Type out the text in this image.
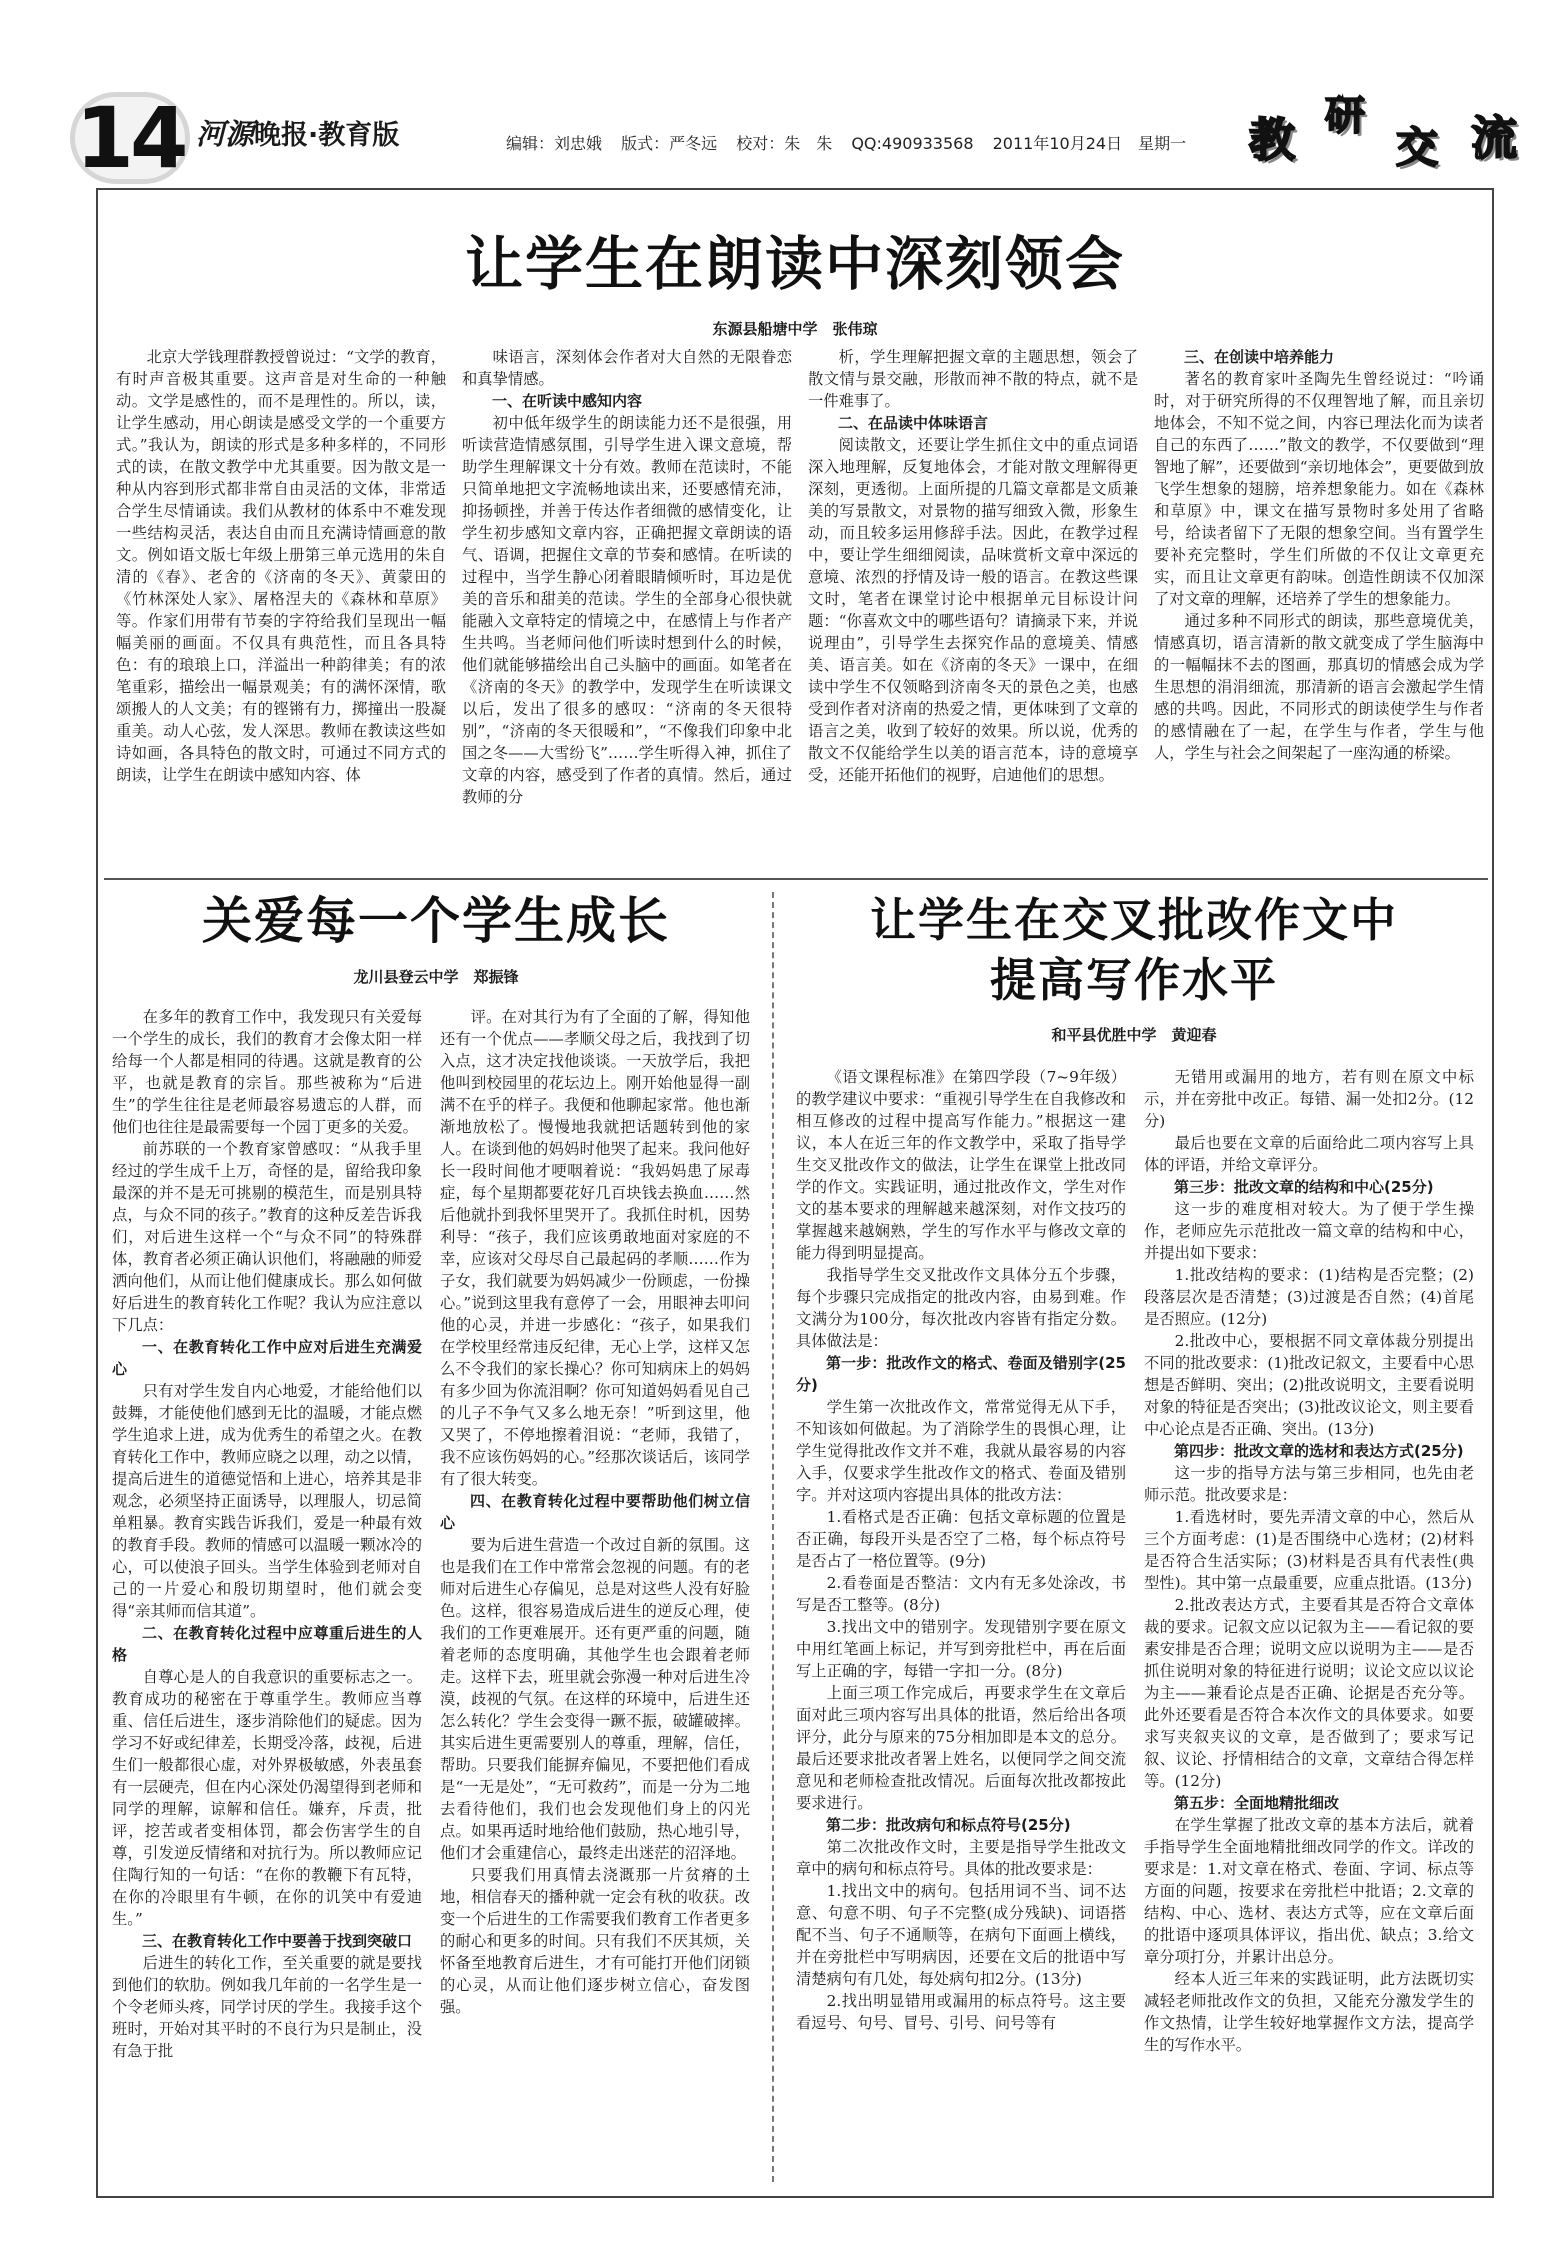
14 河源晚报·教育版	编辑：刘忠娥 版式：严冬远 校对：朱　朱 QQ:490933568 2011年10月24日　星期一	教 研
交 流
让学生在朗读中深刻领会
东源县船塘中学　张伟琼

北京大学钱理群教授曾说过：“文学的教育，有时声音极其重要。这声音是对生命的一种触动。文学是感性的，而不是理性的。所以，读，让学生感动，用心朗读是感受文学的一个重要方式。”我认为，朗读的形式是多种多样的，不同形式的读，在散文教学中尤其重要。因为散文是一种从内容到形式都非常自由灵活的文体，非常适合学生尽情诵读。我们从教材的体系中不难发现一些结构灵活，表达自由而且充满诗情画意的散文。例如语文版七年级上册第三单元选用的朱自清的《春》、老舍的《济南的冬天》、黄蒙田的《竹林深处人家》、屠格涅夫的《森林和草原》等。作家们用带有节奏的字符给我们呈现出一幅幅美丽的画面。不仅具有典范性，而且各具特色：有的琅琅上口，洋溢出一种韵律美；有的浓笔重彩，描绘出一幅景观美；有的满怀深情，歌颂搬人的人文美；有的铿锵有力，掷撞出一股凝重美。动人心弦，发人深思。教师在教读这些如诗如画，各具特色的散文时，可通过不同方式的朗读，让学生在朗读中感知内容、体

味语言，深刻体会作者对大自然的无限眷恋和真挚情感。

一、在听读中感知内容

初中低年级学生的朗读能力还不是很强，用听读营造情感氛围，引导学生进入课文意境，帮助学生理解课文十分有效。教师在范读时，不能只简单地把文字流畅地读出来，还要感情充沛，抑扬顿挫，并善于传达作者细微的感情变化，让学生初步感知文章内容，正确把握文章朗读的语气、语调，把握住文章的节奏和感情。在听读的过程中，当学生静心闭着眼睛倾听时，耳边是优美的音乐和甜美的范读。学生的全部身心很快就能融入文章特定的情境之中，在感情上与作者产生共鸣。当老师问他们听读时想到什么的时候，他们就能够描绘出自己头脑中的画面。如笔者在《济南的冬天》的教学中，发现学生在听读课文以后，发出了很多的感叹：“济南的冬天很特别”，“济南的冬天很暖和”，“不像我们印象中北国之冬——大雪纷飞”……学生听得入神，抓住了文章的内容，感受到了作者的真情。然后，通过教师的分

析，学生理解把握文章的主题思想，领会了散文情与景交融，形散而神不散的特点，就不是一件难事了。

二、在品读中体味语言

阅读散文，还要让学生抓住文中的重点词语深入地理解，反复地体会，才能对散文理解得更深刻，更透彻。上面所提的几篇文章都是文质兼美的写景散文，对景物的描写细致入微，形象生动，而且较多运用修辞手法。因此，在教学过程中，要让学生细细阅读，品味赏析文章中深远的意境、浓烈的抒情及诗一般的语言。在教这些课文时，笔者在课堂讨论中根据单元目标设计问题：“你喜欢文中的哪些语句？请摘录下来，并说说理由”，引导学生去探究作品的意境美、情感美、语言美。如在《济南的冬天》一课中，在细读中学生不仅领略到济南冬天的景色之美，也感受到作者对济南的热爱之情，更体味到了文章的语言之美，收到了较好的效果。所以说，优秀的散文不仅能给学生以美的语言范本，诗的意境享受，还能开拓他们的视野，启迪他们的思想。

三、在创读中培养能力

著名的教育家叶圣陶先生曾经说过：“吟诵时，对于研究所得的不仅理智地了解，而且亲切地体会，不知不觉之间，内容已理法化而为读者自己的东西了……”散文的教学，不仅要做到“理智地了解”，还要做到“亲切地体会”，更要做到放飞学生想象的翅膀，培养想象能力。如在《森林和草原》中，课文在描写景物时多处用了省略号，给读者留下了无限的想象空间。当有置学生要补充完整时，学生们所做的不仅让文章更充实，而且让文章更有韵味。创造性朗读不仅加深了对文章的理解，还培养了学生的想象能力。

通过多种不同形式的朗读，那些意境优美，情感真切，语言清新的散文就变成了学生脑海中的一幅幅抹不去的图画，那真切的情感会成为学生思想的涓涓细流，那清新的语言会激起学生情感的共鸣。因此，不同形式的朗读使学生与作者的感情融在了一起，在学生与作者，学生与他人，学生与社会之间架起了一座沟通的桥梁。

关爱每一个学生成长
龙川县登云中学　郑振锋

在多年的教育工作中，我发现只有关爱每一个学生的成长，我们的教育才会像太阳一样给每一个人都是相同的待遇。这就是教育的公平，也就是教育的宗旨。那些被称为“后进生”的学生往往是老师最容易遗忘的人群，而他们也往往是最需要每一个园丁更多的关爱。

前苏联的一个教育家曾感叹：“从我手里经过的学生成千上万，奇怪的是，留给我印象最深的并不是无可挑剔的模范生，而是别具特点，与众不同的孩子。”教育的这种反差告诉我们，对后进生这样一个“与众不同”的特殊群体，教育者必须正确认识他们，将融融的师爱洒向他们，从而让他们健康成长。那么如何做好后进生的教育转化工作呢？我认为应注意以下几点：

一、在教育转化工作中应对后进生充满爱心

只有对学生发自内心地爱，才能给他们以鼓舞，才能使他们感到无比的温暖，才能点燃学生追求上进，成为优秀生的希望之火。在教育转化工作中，教师应晓之以理，动之以情，提高后进生的道德觉悟和上进心，培养其是非观念，必须坚持正面诱导，以理服人，切忌简单粗暴。教育实践告诉我们，爱是一种最有效的教育手段。教师的情感可以温暖一颗冰冷的心，可以使浪子回头。当学生体验到老师对自己的一片爱心和殷切期望时，他们就会变得“亲其师而信其道”。

二、在教育转化过程中应尊重后进生的人格

自尊心是人的自我意识的重要标志之一。教育成功的秘密在于尊重学生。教师应当尊重、信任后进生，逐步消除他们的疑虑。因为学习不好或纪律差，长期受冷落，歧视，后进生们一般都很心虚，对外界极敏感，外表虽套有一层硬壳，但在内心深处仍渴望得到老师和同学的理解，谅解和信任。嫌弃，斥责，批评，挖苦或者变相体罚，都会伤害学生的自尊，引发逆反情绪和对抗行为。所以教师应记住陶行知的一句话：“在你的教鞭下有瓦特，在你的冷眼里有牛顿，在你的讥笑中有爱迪生。”

三、在教育转化工作中要善于找到突破口

后进生的转化工作，至关重要的就是要找到他们的软肋。例如我几年前的一名学生是一个令老师头疼，同学讨厌的学生。我接手这个班时，开始对其平时的不良行为只是制止，没有急于批

评。在对其行为有了全面的了解，得知他还有一个优点——孝顺父母之后，我找到了切入点，这才决定找他谈谈。一天放学后，我把他叫到校园里的花坛边上。刚开始他显得一副满不在乎的样子。我便和他聊起家常。他也渐渐地放松了。慢慢地我就把话题转到他的家人。在谈到他的妈妈时他哭了起来。我问他好长一段时间他才哽咽着说：“我妈妈患了尿毒症，每个星期都要花好几百块钱去换血……然后他就扑到我怀里哭开了。我抓住时机，因势利导：“孩子，我们应该勇敢地面对家庭的不幸，应该对父母尽自己最起码的孝顺……作为子女，我们就要为妈妈减少一份顾虑，一份操心。”说到这里我有意停了一会，用眼神去叩问他的心灵，并进一步感化：“孩子，如果我们在学校里经常违反纪律，无心上学，这样又怎么不令我们的家长操心？你可知病床上的妈妈有多少回为你流泪啊？你可知道妈妈看见自己的儿子不争气又多么地无奈！”听到这里，他又哭了，不停地擦着泪说：“老师，我错了，我不应该伤妈妈的心。”经那次谈话后，该同学有了很大转变。

四、在教育转化过程中要帮助他们树立信心

要为后进生营造一个改过自新的氛围。这也是我们在工作中常常会忽视的问题。有的老师对后进生心存偏见，总是对这些人没有好脸色。这样，很容易造成后进生的逆反心理，使我们的工作更难展开。还有更严重的问题，随着老师的态度明确，其他学生也会跟着老师走。这样下去，班里就会弥漫一种对后进生冷漠，歧视的气氛。在这样的环境中，后进生还怎么转化？学生会变得一蹶不振，破罐破摔。其实后进生更需要别人的尊重，理解，信任，帮助。只要我们能摒弃偏见，不要把他们看成是“一无是处”，“无可救药”，而是一分为二地去看待他们，我们也会发现他们身上的闪光点。如果再适时地给他们鼓励，热心地引导，他们才会重建信心，最终走出迷茫的沼泽地。

只要我们用真情去浇溉那一片贫瘠的土地，相信春天的播种就一定会有秋的收获。改变一个后进生的工作需要我们教育工作者更多的耐心和更多的时间。只有我们不厌其烦，关怀备至地教育后进生，才有可能打开他们闭锁的心灵，从而让他们逐步树立信心，奋发图强。

让学生在交叉批改作文中
提高写作水平
和平县优胜中学　黄迎春

《语文课程标准》在第四学段（7~9年级）的教学建议中要求：“重视引导学生在自我修改和相互修改的过程中提高写作能力。”根据这一建议，本人在近三年的作文教学中，采取了指导学生交叉批改作文的做法，让学生在课堂上批改同学的作文。实践证明，通过批改作文，学生对作文的基本要求的理解越来越深刻，对作文技巧的掌握越来越娴熟，学生的写作水平与修改文章的能力得到明显提高。

我指导学生交叉批改作文具体分五个步骤，每个步骤只完成指定的批改内容，由易到难。作文满分为100分，每次批改内容皆有指定分数。具体做法是：

第一步：批改作文的格式、卷面及错别字(25分)

学生第一次批改作文，常常觉得无从下手，不知该如何做起。为了消除学生的畏惧心理，让学生觉得批改作文并不难，我就从最容易的内容入手，仅要求学生批改作文的格式、卷面及错别字。并对这项内容提出具体的批改方法：

1.看格式是否正确：包括文章标题的位置是否正确，每段开头是否空了二格，每个标点符号是否占了一格位置等。(9分)

2.看卷面是否整洁：文内有无多处涂改，书写是否工整等。(8分)

3.找出文中的错别字。发现错别字要在原文中用红笔画上标记，并写到旁批栏中，再在后面写上正确的字，每错一字扣一分。(8分)

上面三项工作完成后，再要求学生在文章后面对此三项内容写出具体的批语，然后给出各项评分，此分与原来的75分相加即是本文的总分。最后还要求批改者署上姓名，以便同学之间交流意见和老师检查批改情况。后面每次批改都按此要求进行。

第二步：批改病句和标点符号(25分)

第二次批改作文时，主要是指导学生批改文章中的病句和标点符号。具体的批改要求是：

1.找出文中的病句。包括用词不当、词不达意、句意不明、句子不完整(成分残缺)、词语搭配不当、句子不通顺等，在病句下面画上横线，并在旁批栏中写明病因，还要在文后的批语中写清楚病句有几处，每处病句扣2分。(13分)

2.找出明显错用或漏用的标点符号。这主要看逗号、句号、冒号、引号、问号等有

无错用或漏用的地方，若有则在原文中标示，并在旁批中改正。每错、漏一处扣2分。(12分)

最后也要在文章的后面给此二项内容写上具体的评语，并给文章评分。

第三步：批改文章的结构和中心(25分)

这一步的难度相对较大。为了便于学生操作，老师应先示范批改一篇文章的结构和中心，并提出如下要求：

1.批改结构的要求：(1)结构是否完整；(2)段落层次是否清楚；(3)过渡是否自然；(4)首尾是否照应。(12分)

2.批改中心，要根据不同文章体裁分别提出不同的批改要求：(1)批改记叙文，主要看中心思想是否鲜明、突出；(2)批改说明文，主要看说明对象的特征是否突出；(3)批改议论文，则主要看中心论点是否正确、突出。(13分)

第四步：批改文章的选材和表达方式(25分)

这一步的指导方法与第三步相同，也先由老师示范。批改要求是：

1.看选材时，要先弄清文章的中心，然后从三个方面考虑：(1)是否围绕中心选材；(2)材料是否符合生活实际；(3)材料是否具有代表性(典型性)。其中第一点最重要，应重点批语。(13分)

2.批改表达方式，主要看其是否符合文章体裁的要求。记叙文应以记叙为主——看记叙的要素安排是否合理；说明文应以说明为主——是否抓住说明对象的特征进行说明；议论文应以议论为主——兼看论点是否正确、论据是否充分等。此外还要看是否符合本次作文的具体要求。如要求写夹叙夹议的文章，是否做到了；要求写记叙、议论、抒情相结合的文章，文章结合得怎样等。(12分)

第五步：全面地精批细改

在学生掌握了批改文章的基本方法后，就着手指导学生全面地精批细改同学的作文。详改的要求是：1.对文章在格式、卷面、字词、标点等方面的问题，按要求在旁批栏中批语；2.文章的结构、中心、选材、表达方式等，应在文章后面的批语中逐项具体评议，指出优、缺点；3.给文章分项打分，并累计出总分。

经本人近三年来的实践证明，此方法既切实减轻老师批改作文的负担，又能充分激发学生的作文热情，让学生较好地掌握作文方法，提高学生的写作水平。
